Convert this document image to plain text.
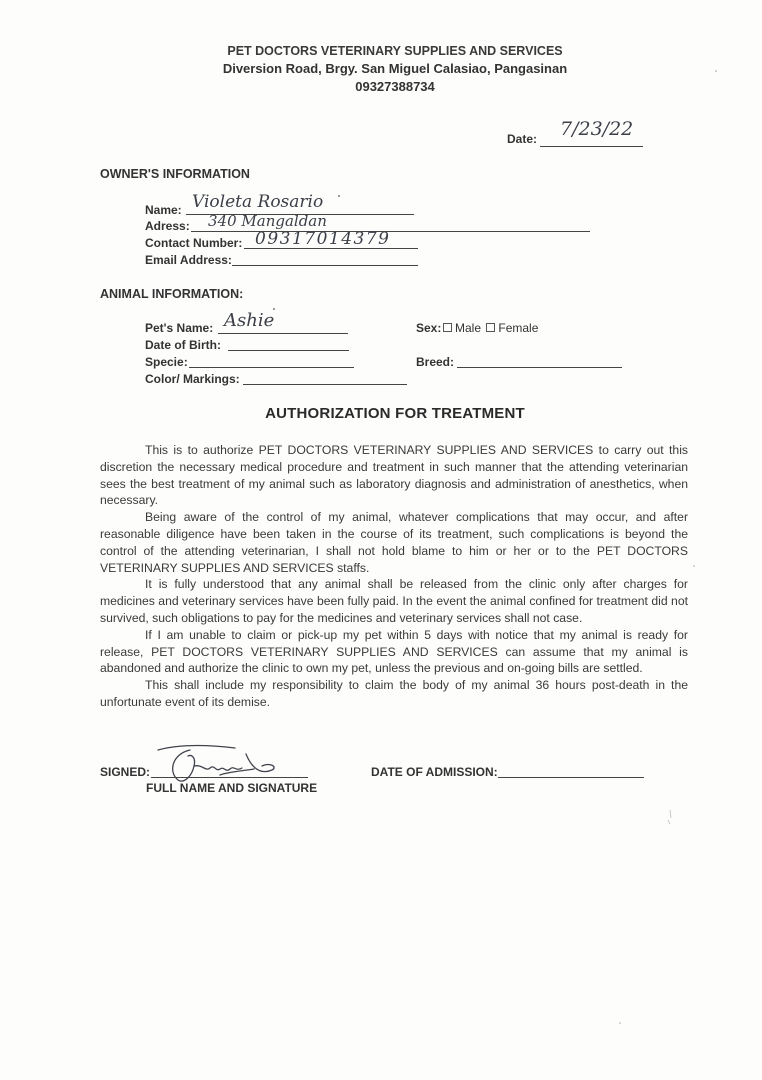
PET DOCTORS VETERINARY SUPPLIES AND SERVICES
Diversion Road, Brgy. San Miguel Calasiao, Pangasinan
09327388734
Date: 7/23/22
OWNER'S INFORMATION
Name: Violeta Rosario
Adress: 340 Mangaldan
Contact Number: 09317014379
Email Address:
ANIMAL INFORMATION:
Pet's Name: Ashie
Date of Birth:
Specie:
Color/ Markings:
Sex:	Male Female
Breed:
AUTHORIZATION FOR TREATMENT

This is to authorize PET DOCTORS VETERINARY SUPPLIES AND SERVICES to carry out this discretion the necessary medical procedure and treatment in such manner that the attending veterinarian sees the best treatment of my animal such as laboratory diagnosis and administration of anesthetics, when necessary.

Being aware of the control of my animal, whatever complications that may occur, and after reasonable diligence have been taken in the course of its treatment, such complications is beyond the control of the attending veterinarian, I shall not hold blame to him or her or to the PET DOCTORS VETERINARY SUPPLIES AND SERVICES staffs.

It is fully understood that any animal shall be released from the clinic only after charges for medicines and veterinary services have been fully paid. In the event the animal confined for treatment did not survived, such obligations to pay for the medicines and veterinary services shall not case.

If I am unable to claim or pick-up my pet within 5 days with notice that my animal is ready for release, PET DOCTORS VETERINARY SUPPLIES AND SERVICES can assume that my animal is abandoned and authorize the clinic to own my pet, unless the previous and on-going bills are settled.

This shall include my responsibility to claim the body of my animal 36 hours post-death in the unfortunate event of its demise.

SIGNED:
FULL NAME AND SIGNATURE
DATE OF ADMISSION:
